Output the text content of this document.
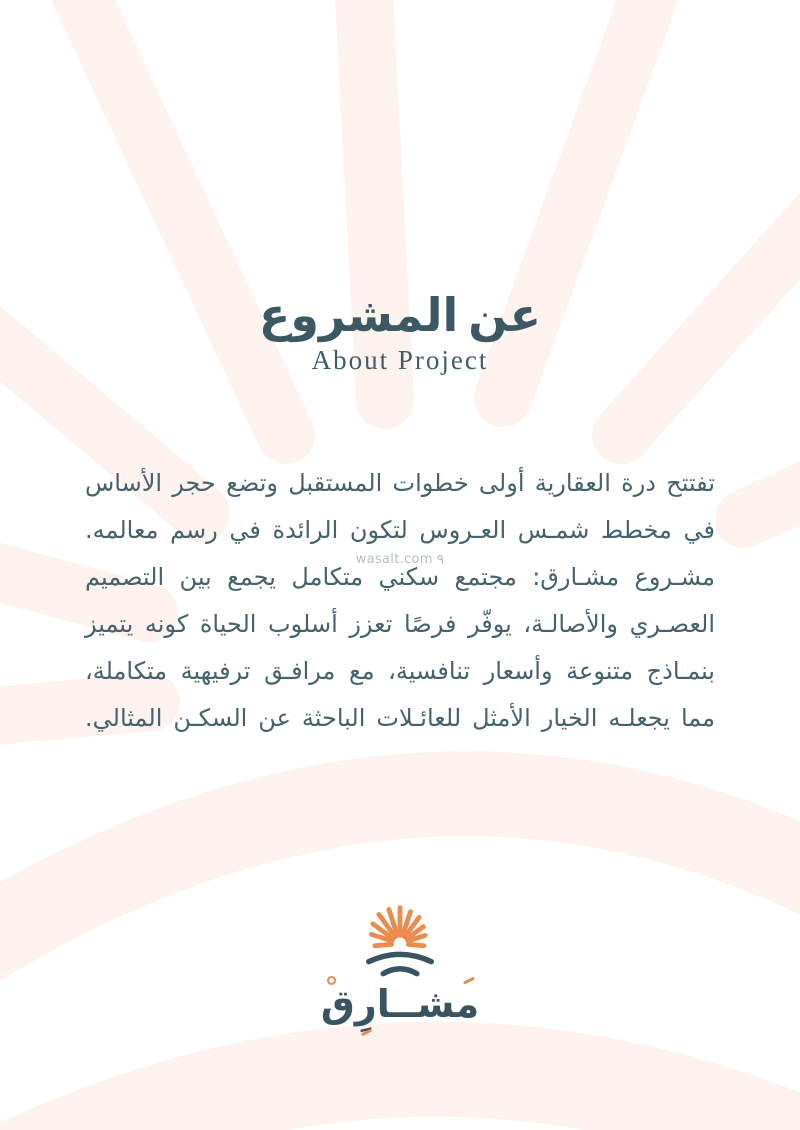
عن المشروع
About Project
تفتتح درة العقارية أولى خطوات المستقبل وتضع حجر الأساس
في مخطط شمـس العـروس لتكون الرائدة في رسم معالمه.
مشـروع مشـارق: مجتمع سكني متكامل يجمع بين التصميم
العصـري والأصالـة، يوفّر فرصًا تعزز أسلوب الحياة كونه يتميز
بنمـاذج متنوعة وأسعار تنافسية، مع مرافـق ترفيهية متكاملة،
مما يجعلـه الخيار الأمثل للعائـلات الباحثة عن السكـن المثالي.
wasalt.com ٩
مشــارِق
